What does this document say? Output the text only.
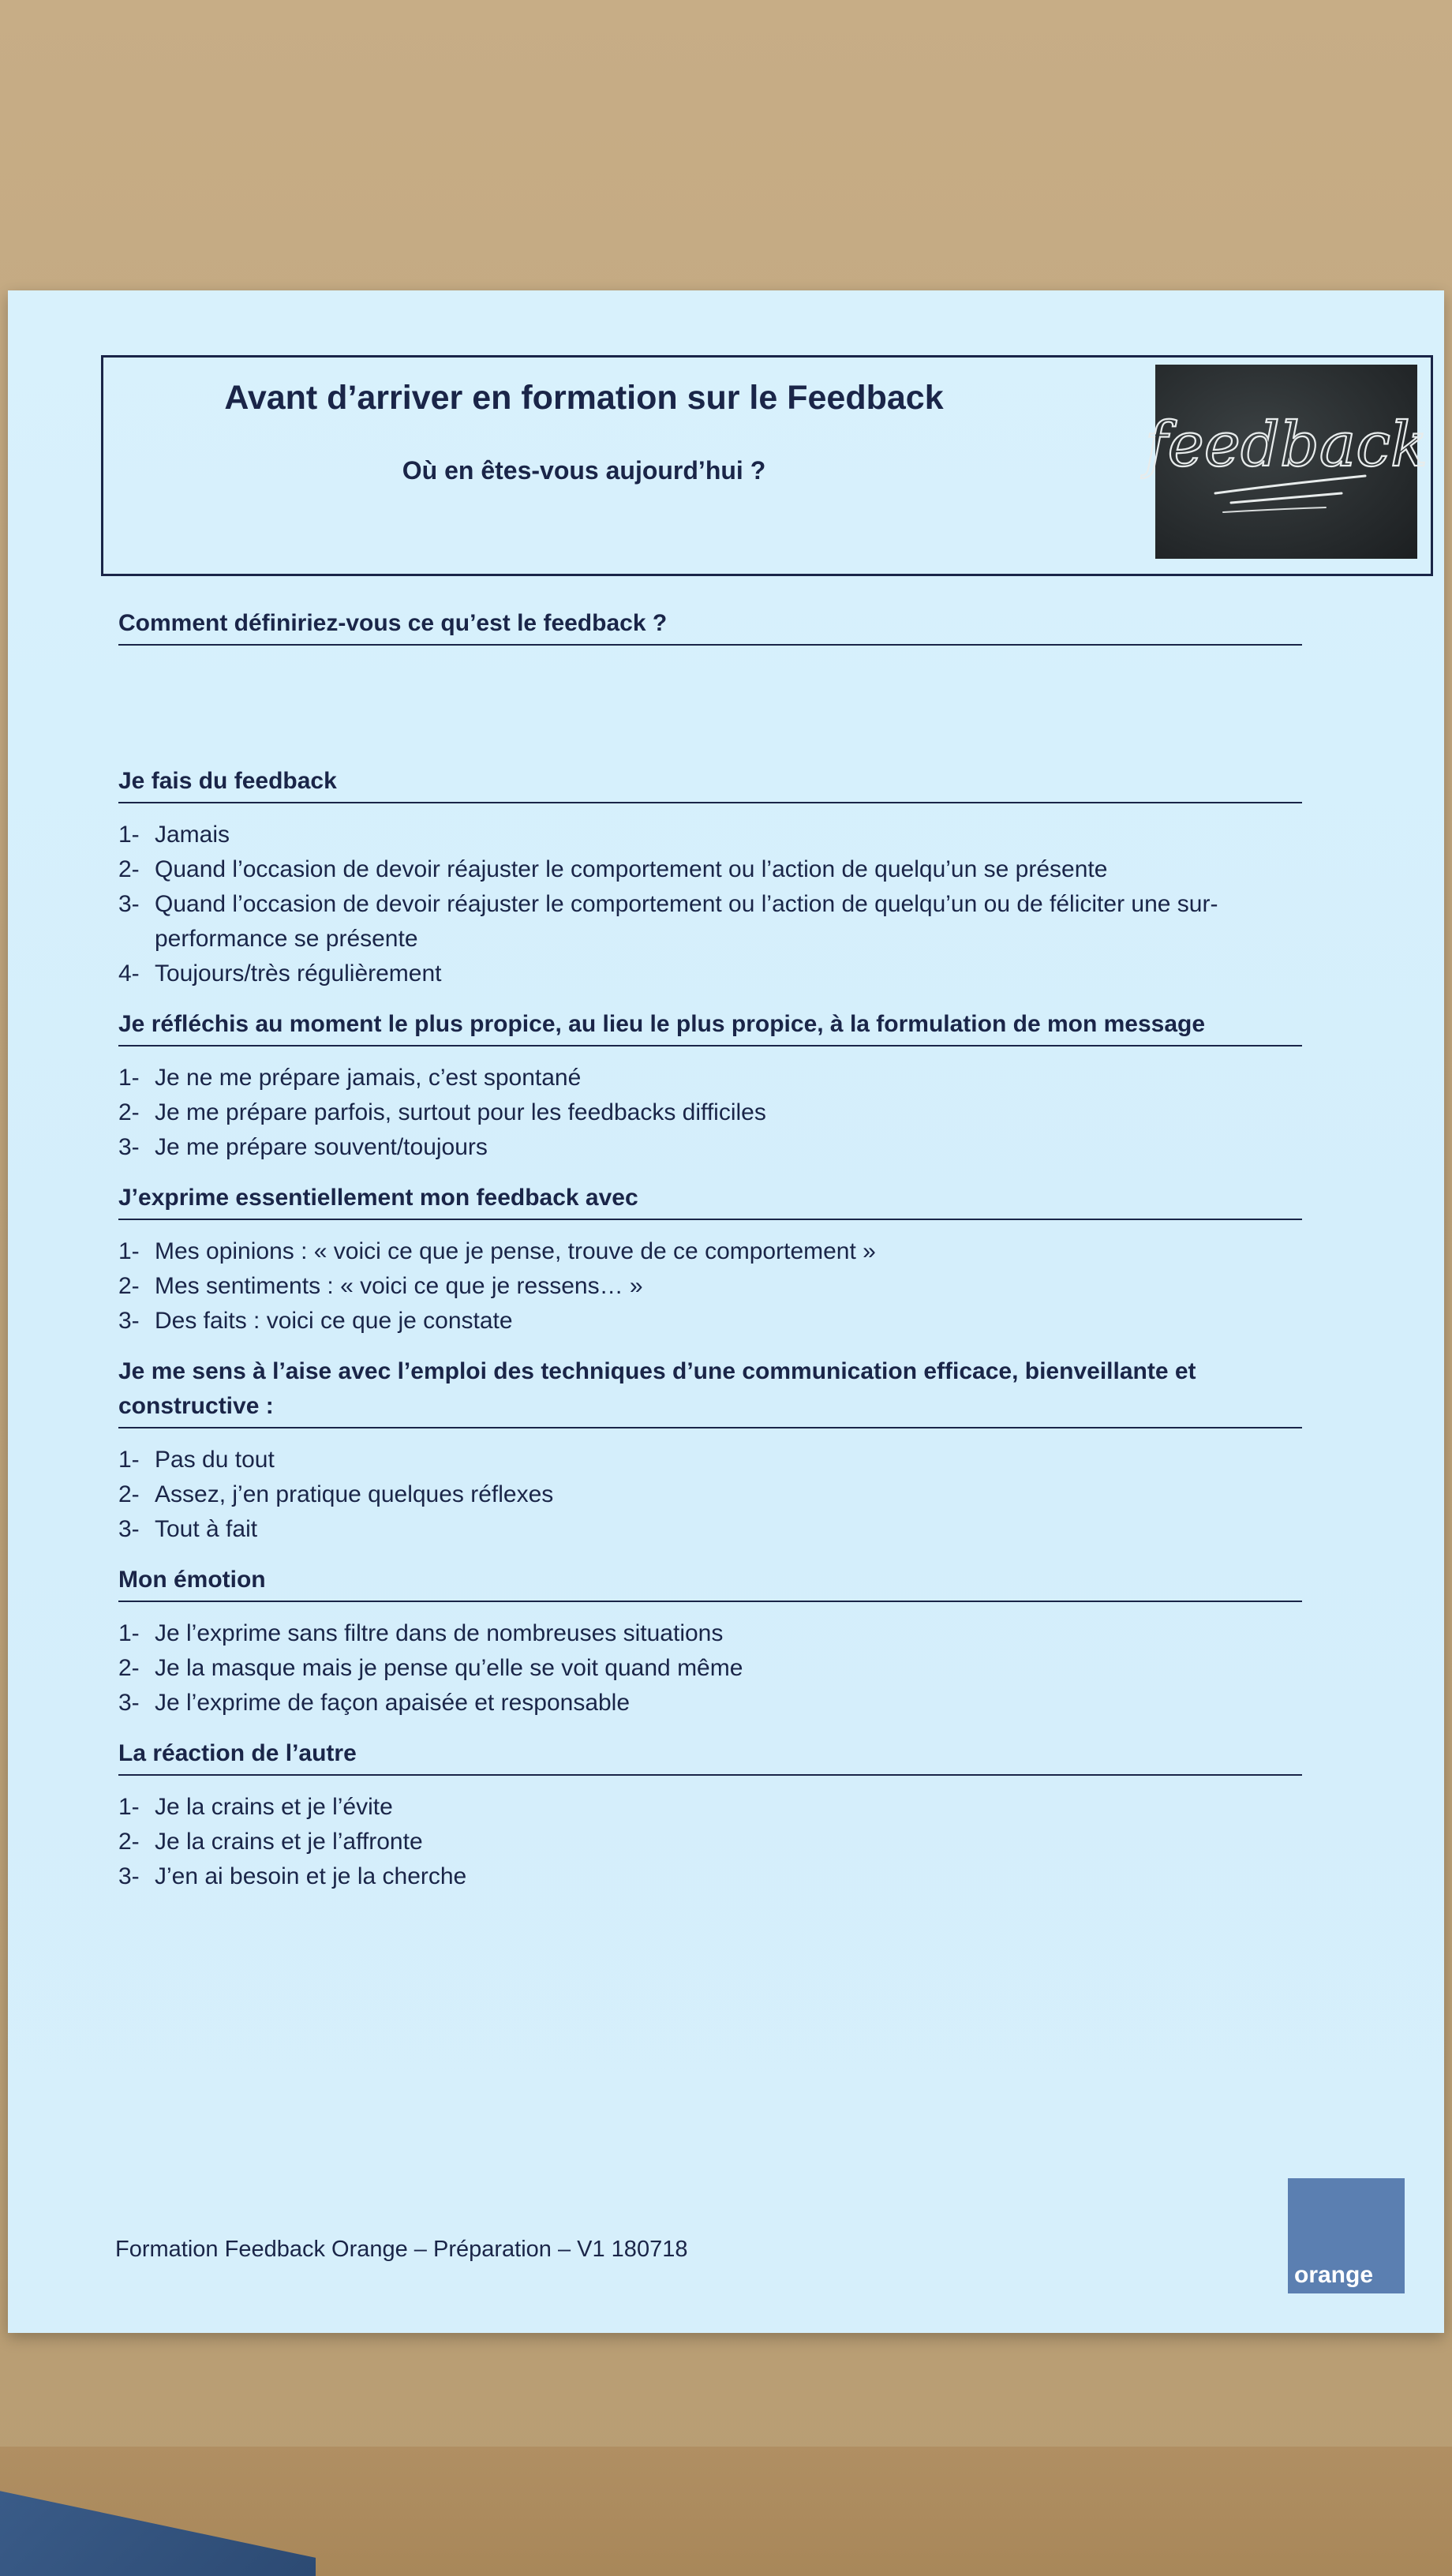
Avant d’arriver en formation sur le Feedback

Où en êtes-vous aujourd’hui ?	feedback
Comment définiriez-vous ce qu’est le feedback ?
Je fais du feedback
1- Jamais
2- Quand l’occasion de devoir réajuster le comportement ou l’action de quelqu’un se présente
3- Quand l’occasion de devoir réajuster le comportement ou l’action de quelqu’un ou de féliciter une sur-performance se présente
4- Toujours/très régulièrement
Je réfléchis au moment le plus propice, au lieu le plus propice, à la formulation de mon message
1- Je ne me prépare jamais, c’est spontané
2- Je me prépare parfois, surtout pour les feedbacks difficiles
3- Je me prépare souvent/toujours
J’exprime essentiellement mon feedback avec
1- Mes opinions : « voici ce que je pense, trouve de ce comportement »
2- Mes sentiments : « voici ce que je ressens… »
3- Des faits : voici ce que je constate
Je me sens à l’aise avec l’emploi des techniques d’une communication efficace, bienveillante et constructive :
1- Pas du tout
2- Assez, j’en pratique quelques réflexes
3- Tout à fait
Mon émotion
1- Je l’exprime sans filtre dans de nombreuses situations
2- Je la masque mais je pense qu’elle se voit quand même
3- Je l’exprime de façon apaisée et responsable
La réaction de l’autre
1- Je la crains et je l’évite
2- Je la crains et je l’affronte
3- J’en ai besoin et je la cherche

Formation Feedback Orange – Préparation – V1 180718

orange
